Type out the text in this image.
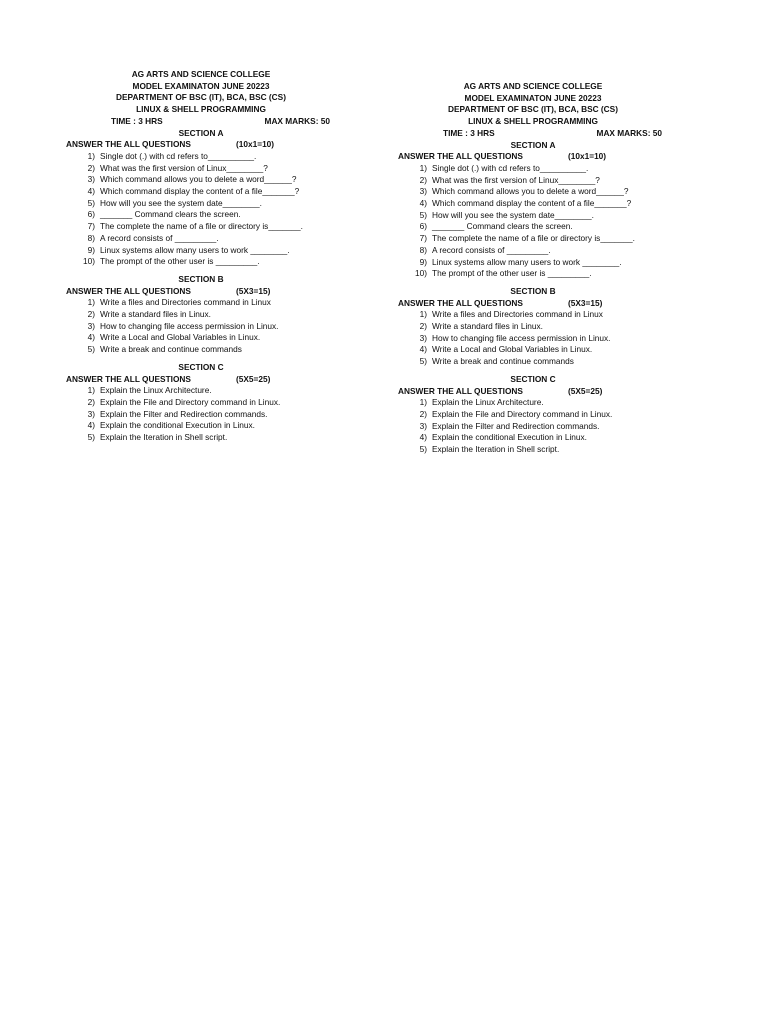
AG ARTS AND SCIENCE COLLEGE
MODEL EXAMINATON JUNE 20223
DEPARTMENT OF BSC (IT), BCA, BSC (CS)
LINUX & SHELL PROGRAMMING
TIME : 3 HRS	MAX MARKS: 50
SECTION A
ANSWER THE ALL QUESTIONS	(10x1=10)
1) Single dot (.) with cd refers to__________.
2) What was the first version of Linux________?
3) Which command allows you to delete a word______?
4) Which command display the content of a file_______?
5) How will you see the system date________.
6) _______ Command clears the screen.
7) The complete the name of a file or directory is_______.
8) A record consists of _________.
9) Linux systems allow many users to work ________.
10) The prompt of the other user is _________.
SECTION B
ANSWER THE ALL QUESTIONS	(5X3=15)
1) Write a files and Directories command in Linux
2) Write a standard files in Linux.
3) How to changing file access permission in Linux.
4) Write a Local and Global Variables in Linux.
5) Write a break and continue commands
SECTION C
ANSWER THE ALL QUESTIONS	(5X5=25)
1) Explain the Linux Architecture.
2) Explain the File and Directory command in Linux.
3) Explain the Filter and Redirection commands.
4) Explain the conditional Execution in Linux.
5) Explain the Iteration in Shell script.
AG ARTS AND SCIENCE COLLEGE
MODEL EXAMINATON JUNE 20223
DEPARTMENT OF BSC (IT), BCA, BSC (CS)
LINUX & SHELL PROGRAMMING
TIME : 3 HRS	MAX MARKS: 50
SECTION A
ANSWER THE ALL QUESTIONS	(10x1=10)
1) Single dot (.) with cd refers to__________.
2) What was the first version of Linux________?
3) Which command allows you to delete a word______?
4) Which command display the content of a file_______?
5) How will you see the system date________.
6) _______ Command clears the screen.
7) The complete the name of a file or directory is_______.
8) A record consists of _________.
9) Linux systems allow many users to work ________.
10) The prompt of the other user is _________.
SECTION B
ANSWER THE ALL QUESTIONS	(5X3=15)
1) Write a files and Directories command in Linux
2) Write a standard files in Linux.
3) How to changing file access permission in Linux.
4) Write a Local and Global Variables in Linux.
5) Write a break and continue commands
SECTION C
ANSWER THE ALL QUESTIONS	(5X5=25)
1) Explain the Linux Architecture.
2) Explain the File and Directory command in Linux.
3) Explain the Filter and Redirection commands.
4) Explain the conditional Execution in Linux.
5) Explain the Iteration in Shell script.
